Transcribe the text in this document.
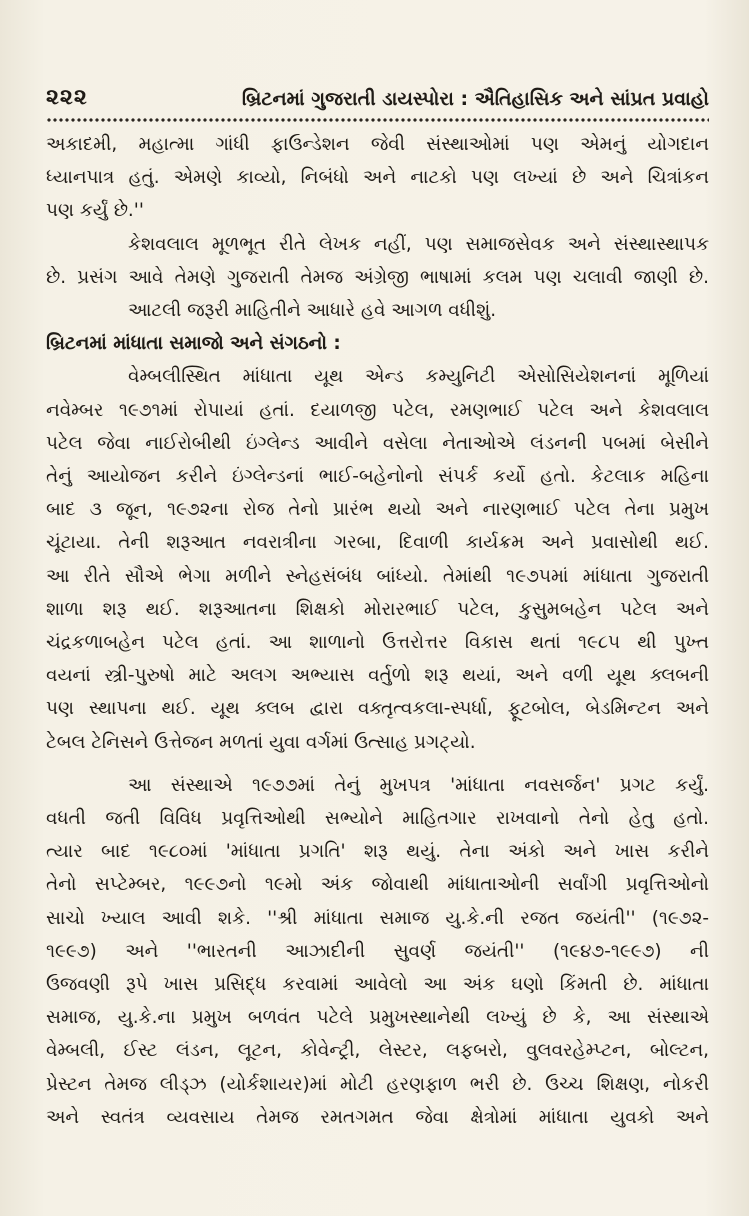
૨૨૨	બ્રિટનમાં ગુજરાતી ડાયસ્પોરા : ઐતિહાસિક અને સાંપ્રત પ્રવાહો
અકાદમી, મહાત્મા ગાંધી ફાઉન્ડેશન જેવી સંસ્થાઓમાં પણ એમનું યોગદાન
ધ્યાનપાત્ર હતું. એમણે કાવ્યો, નિબંધો અને નાટકો પણ લખ્યાં છે અને ચિત્રાંકન
પણ કર્યું છે.''
કેશવલાલ મૂળભૂત રીતે લેખક નહીં, પણ સમાજસેવક અને સંસ્થાસ્થાપક
છે. પ્રસંગ આવે તેમણે ગુજરાતી તેમજ અંગ્રેજી ભાષામાં કલમ પણ ચલાવી જાણી છે.
આટલી જરૂરી માહિતીને આધારે હવે આગળ વધીશું.
બ્રિટનમાં માંધાતા સમાજો અને સંગઠનો :
વેમ્બલીસ્થિત માંધાતા યૂથ એન્ડ કમ્યુનિટી એસોસિયેશનનાં મૂળિયાં
નવેમ્બર ૧૯૭૧માં રોપાયાં હતાં. દયાળજી પટેલ, રમણભાઈ પટેલ અને કેશવલાલ
પટેલ જેવા નાઈરોબીથી ઇંગ્લેન્ડ આવીને વસેલા નેતાઓએ લંડનની પબમાં બેસીને
તેનું આયોજન કરીને ઇંગ્લેન્ડનાં ભાઈ-બહેનોનો સંપર્ક કર્યો હતો. કેટલાક મહિના
બાદ ૩ જૂન, ૧૯૭૨ના રોજ તેનો પ્રારંભ થયો અને નારણભાઈ પટેલ તેના પ્રમુખ
ચૂંટાયા. તેની શરૂઆત નવરાત્રીના ગરબા, દિવાળી કાર્યક્રમ અને પ્રવાસોથી થઈ.
આ રીતે સૌએ ભેગા મળીને સ્નેહસંબંધ બાંધ્યો. તેમાંથી ૧૯૭૫માં માંધાતા ગુજરાતી
શાળા શરૂ થઈ. શરૂઆતના શિક્ષકો મોરારભાઈ પટેલ, કુસુમબહેન પટેલ અને
ચંદ્રકળાબહેન પટેલ હતાં. આ શાળાનો ઉત્તરોત્તર વિકાસ થતાં ૧૯૮૫ થી પુખ્ત
વયનાં સ્ત્રી-પુરુષો માટે અલગ અભ્યાસ વર્તુળો શરૂ થયાં, અને વળી યૂથ ક્લબની
પણ સ્થાપના થઈ. યૂથ ક્લબ દ્વારા વક્તૃત્વકલા-સ્પર્ધા, ફૂટબોલ, બેડમિન્ટન અને
ટેબલ ટેનિસને ઉત્તેજન મળતાં યુવા વર્ગમાં ઉત્સાહ પ્રગટ્યો.
આ સંસ્થાએ ૧૯૭૭માં તેનું મુખપત્ર 'માંધાતા નવસર્જન' પ્રગટ કર્યું.
વધતી જતી વિવિધ પ્રવૃત્તિઓથી સભ્યોને માહિતગાર રાખવાનો તેનો હેતુ હતો.
ત્યાર બાદ ૧૯૮૦માં 'માંધાતા પ્રગતિ' શરૂ થયું. તેના અંકો અને ખાસ કરીને
તેનો સપ્ટેમ્બર, ૧૯૯૭નો ૧૯મો અંક જોવાથી માંધાતાઓની સર્વાંગી પ્રવૃત્તિઓનો
સાચો ખ્યાલ આવી શકે. ''શ્રી માંધાતા સમાજ યુ.કે.ની રજત જયંતી'' (૧૯૭૨-
૧૯૯૭) અને ''ભારતની આઝાદીની સુવર્ણ જયંતી'' (૧૯૪૭-૧૯૯૭) ની
ઉજવણી રૂપે ખાસ પ્રસિદ્ધ કરવામાં આવેલો આ અંક ઘણો કિંમતી છે. માંધાતા
સમાજ, યુ.કે.ના પ્રમુખ બળવંત પટેલે પ્રમુખસ્થાનેથી લખ્યું છે કે, આ સંસ્થાએ
વેમ્બલી, ઈસ્ટ લંડન, લૂટન, કોવેન્ટ્રી, લેસ્ટર, લફબરો, વુલવરહેમ્પ્ટન, બોલ્ટન,
પ્રેસ્ટન તેમજ લીડ્ઝ (યોર્કશાયર)માં મોટી હરણફાળ ભરી છે. ઉચ્ચ શિક્ષણ, નોકરી
અને સ્વતંત્ર વ્યવસાય તેમજ રમતગમત જેવા ક્ષેત્રોમાં માંધાતા યુવકો અને
